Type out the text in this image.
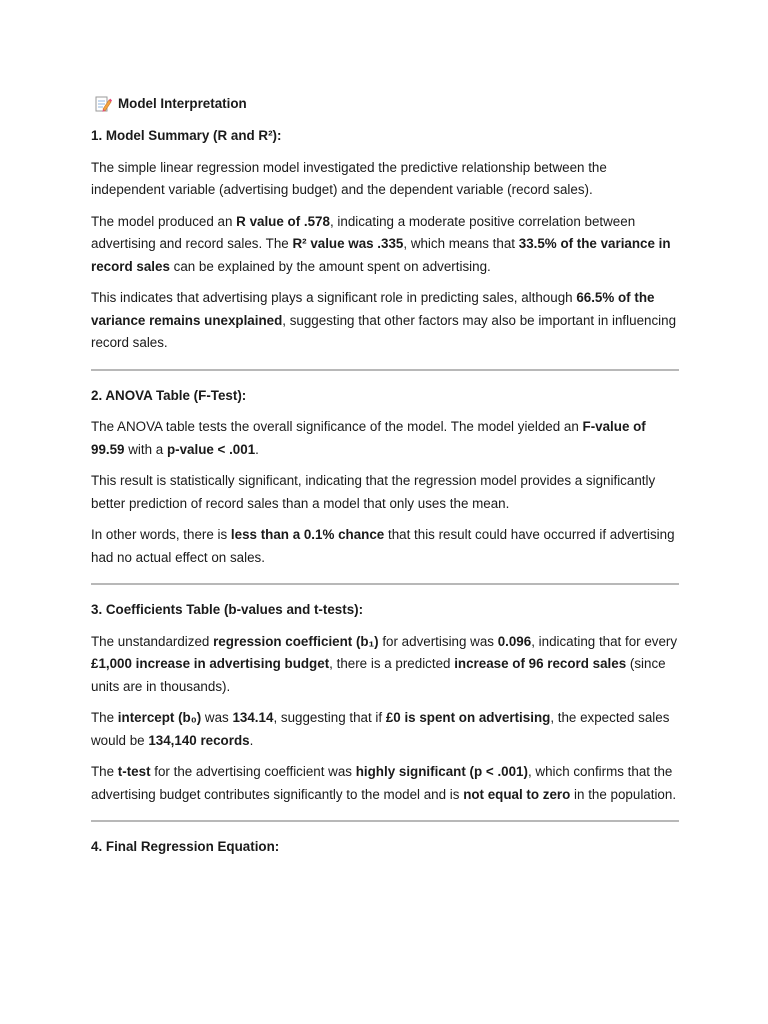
Model Interpretation
1. Model Summary (R and R²):

The simple linear regression model investigated the predictive relationship between the independent variable (advertising budget) and the dependent variable (record sales).

The model produced an R value of .578, indicating a moderate positive correlation between advertising and record sales. The R² value was .335, which means that 33.5% of the variance in record sales can be explained by the amount spent on advertising.

This indicates that advertising plays a significant role in predicting sales, although 66.5% of the variance remains unexplained, suggesting that other factors may also be important in influencing record sales.

2. ANOVA Table (F-Test):

The ANOVA table tests the overall significance of the model. The model yielded an F-value of 99.59 with a p-value < .001.

This result is statistically significant, indicating that the regression model provides a significantly better prediction of record sales than a model that only uses the mean.

In other words, there is less than a 0.1% chance that this result could have occurred if advertising had no actual effect on sales.

3. Coefficients Table (b-values and t-tests):

The unstandardized regression coefficient (b₁) for advertising was 0.096, indicating that for every £1,000 increase in advertising budget, there is a predicted increase of 96 record sales (since units are in thousands).

The intercept (b₀) was 134.14, suggesting that if £0 is spent on advertising, the expected sales would be 134,140 records.

The t-test for the advertising coefficient was highly significant (p < .001), which confirms that the advertising budget contributes significantly to the model and is not equal to zero in the population.

4. Final Regression Equation:
